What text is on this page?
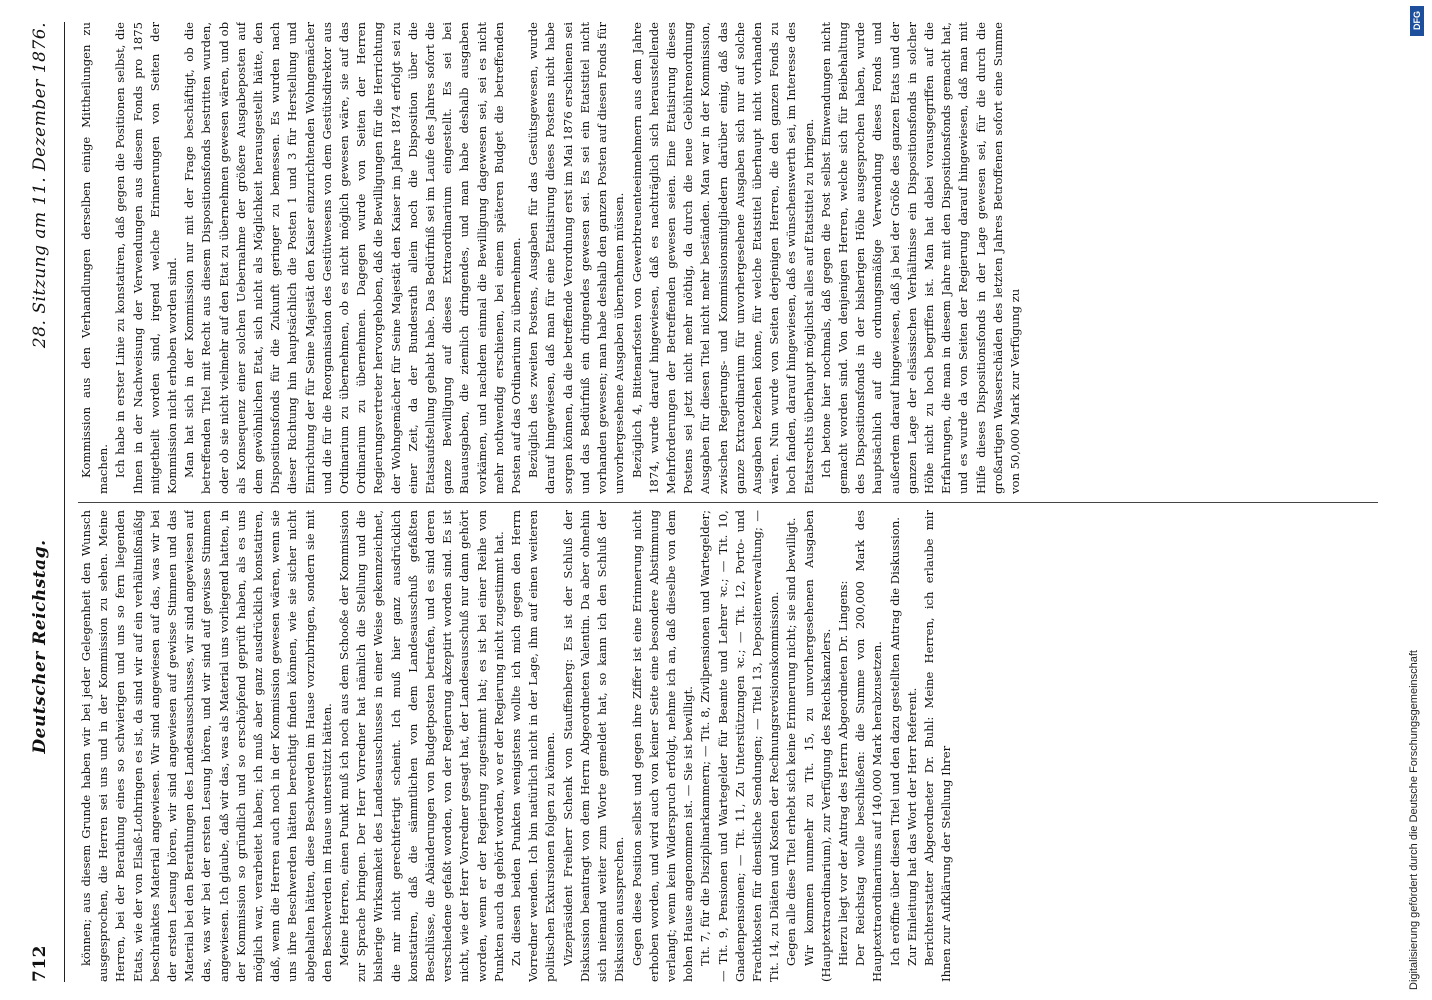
712
Deutscher Reichstag.
28. Sitzung am 11. Dezember 1876.

können; aus diesem Grunde haben wir bei jeder Gelegenheit den Wunsch ausgesprochen, die Herren sei uns und in der Kommission zu sehen. Meine Herren, bei der Berathung eines so schwierigen und uns so fern liegenden Etats, wie der von Elsaß-Lothringen es ist, da sind wir auf ein verhältnißmäßig beschränktes Material angewiesen. Wir sind angewiesen auf das, was wir bei der ersten Lesung hören, wir sind angewiesen auf gewisse Stimmen und das Material bei den Berathungen des Landesausschusses, wir sind angewiesen auf das, was wir bei der ersten Lesung hören, und wir sind auf gewisse Stimmen angewiesen. Ich glaube, daß wir das, was als Material uns vorliegend hatten, in der Kommission so gründlich und so erschöpfend geprüft haben, als es uns möglich war, verarbeitet haben; ich muß aber ganz ausdrücklich konstatiren, daß, wenn die Herren auch noch in der Kommission gewesen wären, wenn sie uns ihre Beschwerden hätten berechtigt finden können, wie sie sicher nicht abgehalten hätten, diese Beschwerden im Hause vorzubringen, sondern sie mit den Beschwerden im Hause unterstützt hätten. Meine Herren, einen Punkt muß ich noch aus dem Schooße der Kommission zur Sprache bringen. Der Herr Vorredner hat nämlich die Stellung und die bisherige Wirksamkeit des Landesausschusses in einer Weise gekennzeichnet, die mir nicht gerechtfertigt scheint. Ich muß hier ganz ausdrücklich konstatiren, daß die sämmtlichen von dem Landesausschuß gefaßten Beschlüsse, die Abänderungen von Budgetposten betrafen, und es sind deren verschiedene gefaßt worden, von der Regierung akzeptirt worden sind. Es ist nicht, wie der Herr Vorredner gesagt hat, der Landesausschuß nur dann gehört worden, wenn er der Regierung zugestimmt hat; es ist bei einer Reihe von Punkten auch da gehört worden, wo er der Regierung nicht zugestimmt hat. Zu diesen beiden Punkten wenigstens wollte ich mich gegen den Herrn Vorredner wenden. Ich bin natürlich nicht in der Lage, ihm auf einen weiteren politischen Exkursionen folgen zu können. Vizepräsident Freiherr Schenk von Stauffenberg: Es ist der Schluß der Diskussion beantragt von dem Herrn Abgeordneten Valentin. Da aber ohnehin sich niemand weiter zum Worte gemeldet hat, so kann ich den Schluß der Diskussion aussprechen. Gegen diese Position selbst und gegen ihre Ziffer ist eine Erinnerung nicht erhoben worden, und wird auch von keiner Seite eine besondere Abstimmung verlangt; wenn kein Widerspruch erfolgt, nehme ich an, daß dieselbe von dem hohen Hause angenommen ist. — Sie ist bewilligt. Tit. 7, für die Disziplinarkammern; — Tit. 8, Zivilpensionen und Wartegelder; — Tit. 9, Pensionen und Wartegelder für Beamte und Lehrer ꝛc.; — Tit. 10, Gnadenpensionen; — Tit. 11, Zu Unterstützungen ꝛc.; — Tit. 12, Porto- und Frachtkosten für dienstliche Sendungen; — Titel 13, Depositenverwaltung; — Tit. 14, zu Diäten und Kosten der Rechnungsrevisionskommission. Gegen alle diese Titel erhebt sich keine Erinnerung nicht; sie sind bewilligt. Wir kommen nunmehr zu Tit. 15, zu unvorhergesehenen Ausgaben (Hauptextraordinarium), zur Verfügung des Reichskanzlers. Hierzu liegt vor der Antrag des Herrn Abgeordneten Dr. Lingens: Der Reichstag wolle beschließen: die Summe von 200,000 Mark des Hauptextraordinariums auf 140,000 Mark herabzusetzen. Ich eröffne über diesen Titel und den dazu gestellten Antrag die Diskussion. Zur Einleitung hat das Wort der Herr Referent. Berichterstatter Abgeordneter Dr. Buhl: Meine Herren, ich erlaube mir Ihnen zur Aufklärung der Stellung Ihrer

Kommission aus den Verhandlungen derselben einige Mittheilungen zu machen. Ich habe in erster Linie zu konstatiren, daß gegen die Positionen selbst, die Ihnen in der Nachweisung der Verwendungen aus diesem Fonds pro 1875 mitgetheilt worden sind, irgend welche Erinnerungen von Seiten der Kommission nicht erhoben worden sind. Man hat sich in der Kommission nur mit der Frage beschäftigt, ob die betreffenden Titel mit Recht aus diesem Dispositionsfonds bestritten wurden, oder ob sie nicht vielmehr auf den Etat zu übernehmen gewesen wären, und ob als Konsequenz einer solchen Uebernahme der größere Ausgabeposten auf dem gewöhnlichen Etat, sich nicht als Möglichkeit herausgestellt hätte, den Dispositionsfonds für die Zukunft geringer zu bemessen. Es wurden nach dieser Richtung hin hauptsächlich die Posten 1 und 3 für Herstellung und Einrichtung der für Seine Majestät den Kaiser einzurichtenden Wohngemächer und die für die Reorganisation des Gestütwesens von dem Gestütsdirektor aus Ordinarium zu übernehmen, ob es nicht möglich gewesen wäre, sie auf das Ordinarium zu übernehmen. Dagegen wurde von Seiten der Herren Regierungsvertreter hervorgehoben, daß die Bewilligungen für die Herrichtung der Wohngemächer für Seine Majestät den Kaiser im Jahre 1874 erfolgt sei zu einer Zeit, da der Bundesrath allein noch die Disposition über die Etatsaufstellung gehabt habe. Das Bedürfniß sei im Laufe des Jahres sofort die ganze Bewilligung auf dieses Extraordinarium eingestellt. Es sei bei Bauausgaben, die ziemlich dringendes, und man habe deshalb ausgaben vorkämen, und nachdem einmal die Bewilligung dagewesen sei, sei es nicht mehr nothwendig erschienen, bei einem späteren Budget die betreffenden Posten auf das Ordinarium zu übernehmen. Bezüglich des zweiten Postens, Ausgaben für das Gestütsgewesen, wurde darauf hingewiesen, daß man für eine Etatisirung dieses Postens nicht habe sorgen können, da die betreffende Verordnung erst im Mai 1876 erschienen sei und das Bedürfniß ein dringendes gewesen sei. Es sei ein Etatstitel nicht vorhanden gewesen; man habe deshalb den ganzen Posten auf diesen Fonds für unvorhergesehene Ausgaben übernehmen müssen. Bezüglich 4, Bittenarfosten von Gewerbtreuenteeinnehmern aus dem Jahre 1874, wurde darauf hingewiesen, daß es nachträglich sich herausstellende Mehrforderungen der Betreffenden gewesen seien. Eine Etatisirung dieses Postens sei jetzt nicht mehr nöthig, da durch die neue Gebührenordnung Ausgaben für diesen Titel nicht mehr beständen. Man war in der Kommission, zwischen Regierungs- und Kommissionsmitgliedern darüber einig, daß das ganze Extraordinarium für unvorhergesehene Ausgaben sich nur auf solche Ausgaben beziehen könne, für welche Etatstitel überhaupt nicht vorhanden wären. Nun wurde von Seiten derjenigen Herren, die den ganzen Fonds zu hoch fanden, darauf hingewiesen, daß es wünschenswerth sei, im Interesse des Etatsrechts überhaupt möglichst alles auf Etatstitel zu bringen. Ich betone hier nochmals, daß gegen die Post selbst Einwendungen nicht gemacht worden sind. Von denjenigen Herren, welche sich für Beibehaltung des Dispositionsfonds in der bisherigen Höhe ausgesprochen haben, wurde hauptsächlich auf die ordnungsmäßige Verwendung dieses Fonds und außerdem darauf hingewiesen, daß ja bei der Größe des ganzen Etats und der ganzen Lage der elsässischen Verhältnisse ein Dispositionsfonds in solcher Höhe nicht zu hoch begriffen ist. Man hat dabei vorausgegriffen auf die Erfahrungen, die man in diesem Jahre mit den Dispositionsfonds gemacht hat, und es wurde da von Seiten der Regierung darauf hingewiesen, daß man mit Hilfe dieses Dispositionsfonds in der Lage gewesen sei, für die durch die großartigen Wasserschäden des letzten Jahres Betroffenen sofort eine Summe von 50,000 Mark zur Verfügung zu

DFG
Digitalisierung gefördert durch die Deutsche Forschungsgemeinschaft
